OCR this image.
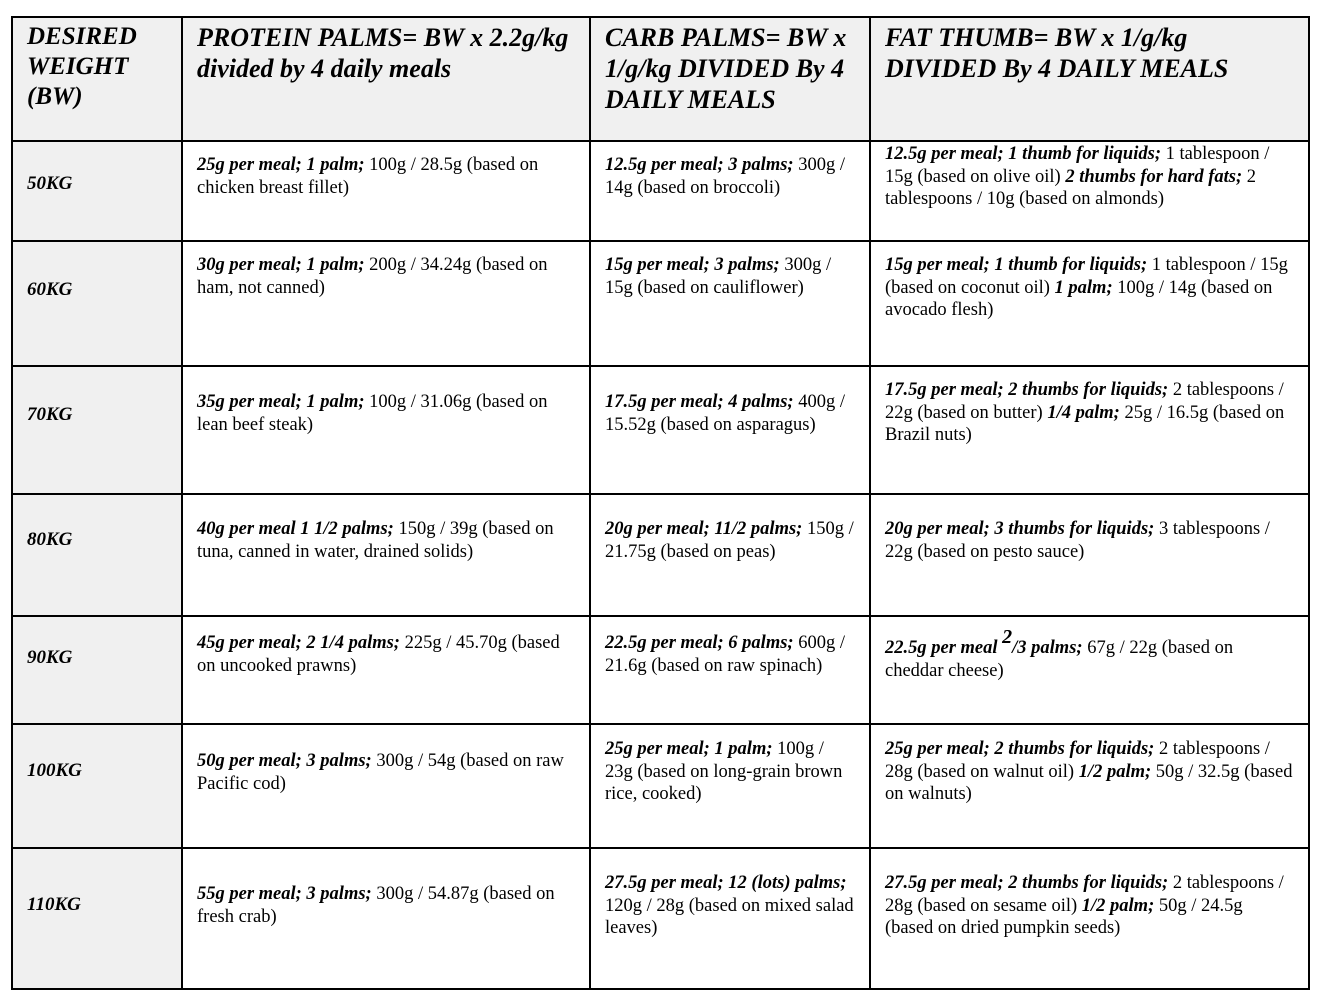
DESIRED WEIGHT (BW)	PROTEIN PALMS= BW x 2.2g/kg divided by 4 daily meals	CARB PALMS= BW x 1/g/kg DIVIDED By 4 DAILY MEALS	FAT THUMB= BW x 1/g/kg DIVIDED By 4 DAILY MEALS
50KG	25g per meal; 1 palm; 100g / 28.5g (based on chicken breast fillet)	12.5g per meal; 3 palms; 300g / 14g (based on broccoli)	12.5g per meal; 1 thumb for liquids; 1 tablespoon / 15g (based on olive oil) 2 thumbs for hard fats; 2 tablespoons / 10g (based on almonds)
60KG	30g per meal; 1 palm; 200g / 34.24g (based on ham, not canned)	15g per meal; 3 palms; 300g / 15g (based on cauliflower)	15g per meal; 1 thumb for liquids; 1 tablespoon / 15g (based on coconut oil) 1 palm; 100g / 14g (based on avocado flesh)
70KG	35g per meal; 1 palm; 100g / 31.06g (based on lean beef steak)	17.5g per meal; 4 palms; 400g / 15.52g (based on asparagus)	17.5g per meal; 2 thumbs for liquids; 2 tablespoons / 22g (based on butter) 1/4 palm; 25g / 16.5g (based on Brazil nuts)
80KG	40g per meal 1 1/2 palms; 150g / 39g (based on tuna, canned in water, drained solids)	20g per meal; 11/2 palms; 150g / 21.75g (based on peas)	20g per meal; 3 thumbs for liquids; 3 tablespoons / 22g (based on pesto sauce)
90KG	45g per meal; 2 1/4 palms; 225g / 45.70g (based on uncooked prawns)	22.5g per meal; 6 palms; 600g / 21.6g (based on raw spinach)	22.5g per meal $^2$/3 palms; 67g / 22g (based on cheddar cheese)
100KG	50g per meal; 3 palms; 300g / 54g (based on raw Pacific cod)	25g per meal; 1 palm; 100g / 23g (based on long-grain brown rice, cooked)	25g per meal; 2 thumbs for liquids; 2 tablespoons / 28g (based on walnut oil) 1/2 palm; 50g / 32.5g (based on walnuts)
110KG	55g per meal; 3 palms; 300g / 54.87g (based on fresh crab)	27.5g per meal; 12 (lots) palms; 120g / 28g (based on mixed salad leaves)	27.5g per meal; 2 thumbs for liquids; 2 tablespoons / 28g (based on sesame oil) 1/2 palm; 50g / 24.5g (based on dried pumpkin seeds)
